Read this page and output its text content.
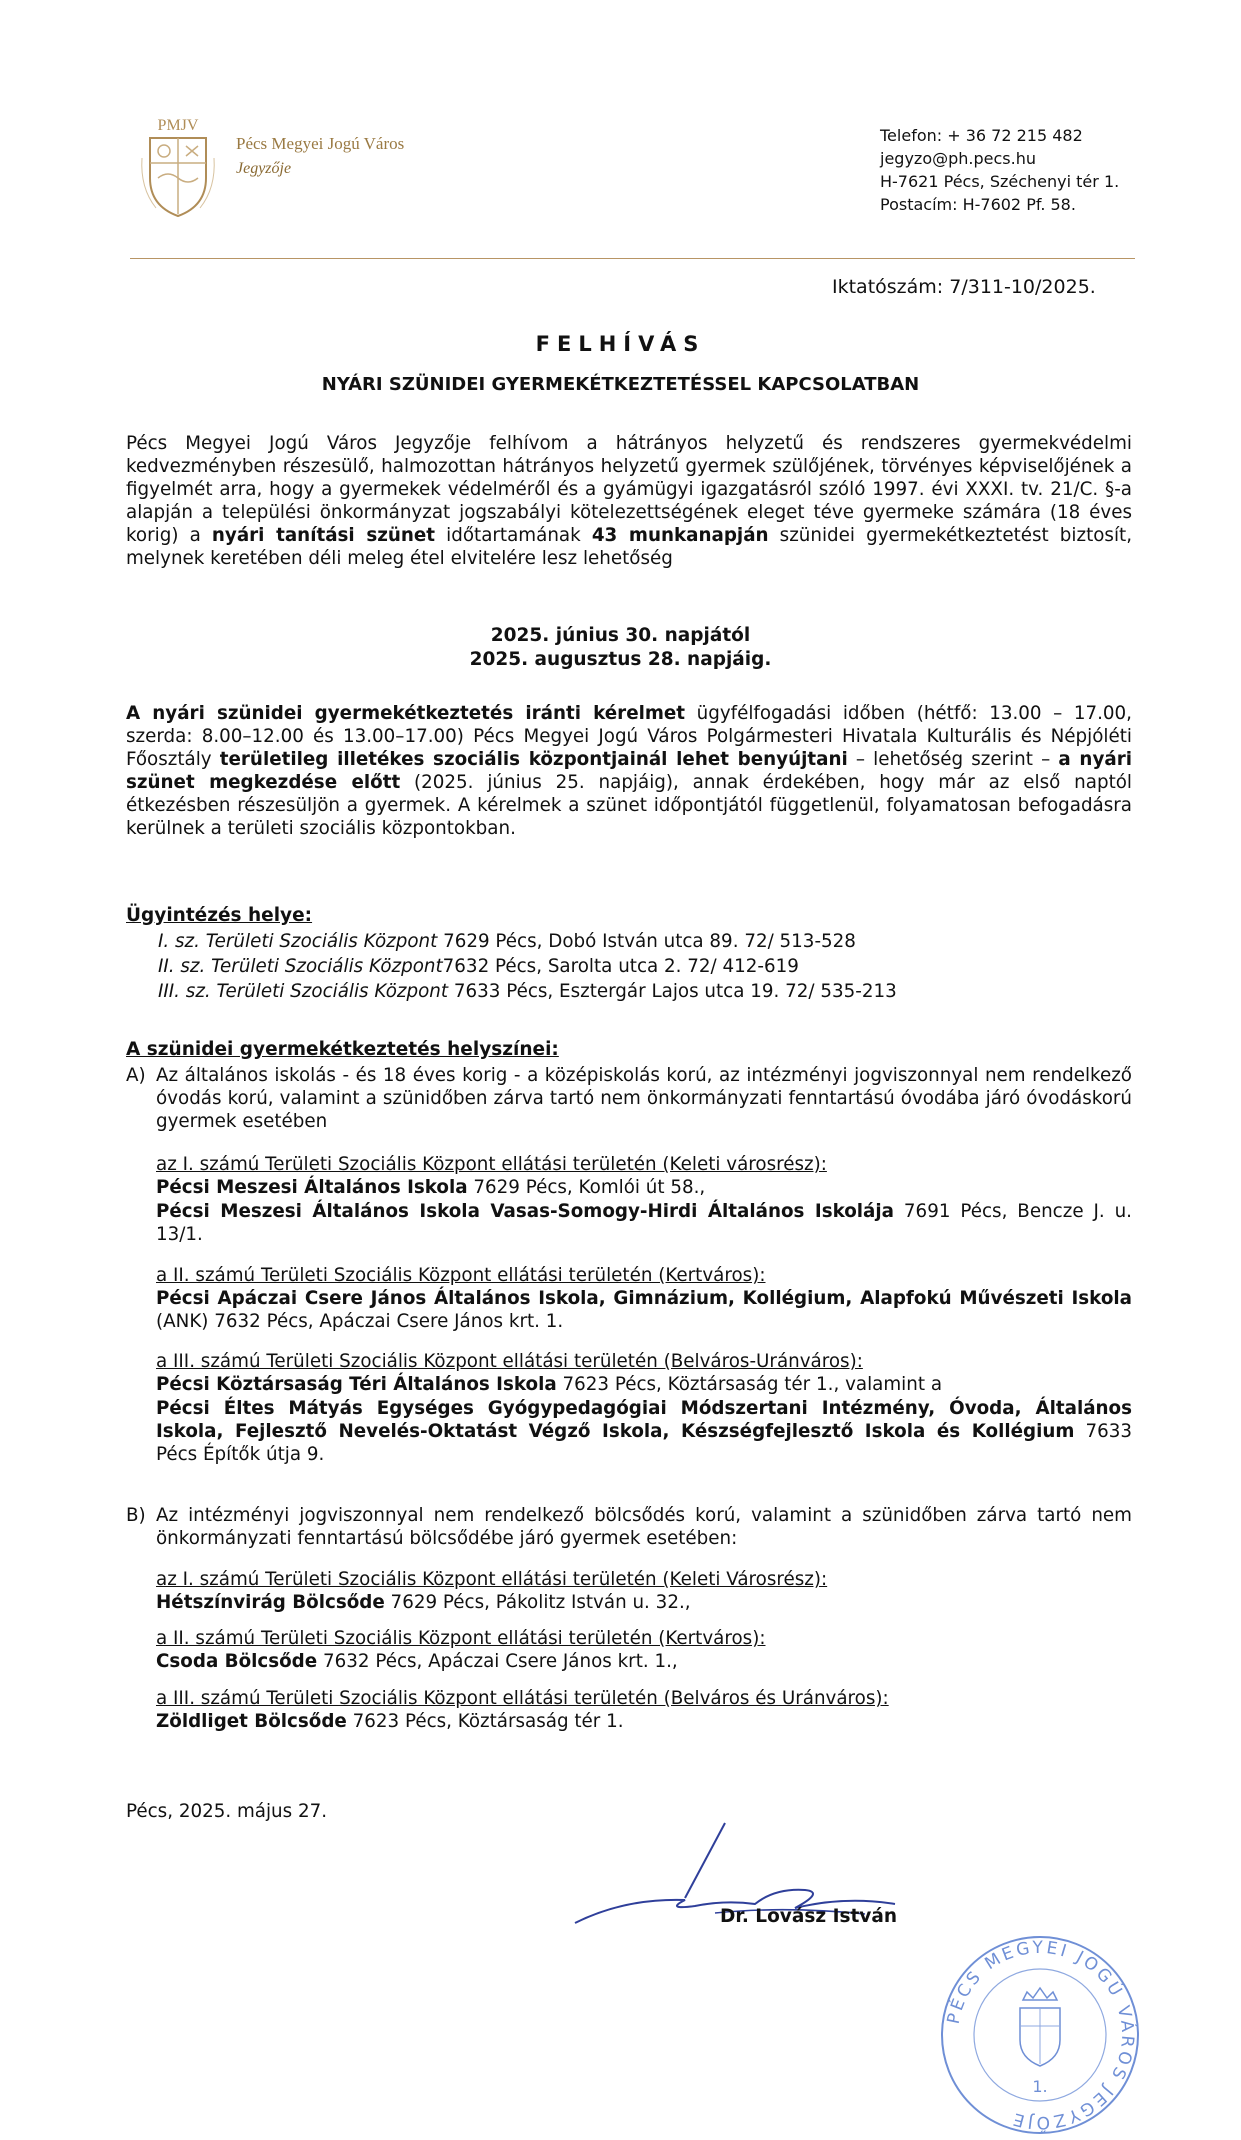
PMJV
Pécs Megyei Jogú Város
Jegyzője
Telefon: + 36 72 215 482
jegyzo@ph.pecs.hu
H-7621 Pécs, Széchenyi tér 1.
Postacím: H-7602 Pf. 58.
Iktatószám: 7/311-10/2025.
FELHÍVÁS
NYÁRI SZÜNIDEI GYERMEKÉTKEZTETÉSSEL KAPCSOLATBAN
Pécs Megyei Jogú Város Jegyzője felhívom a hátrányos helyzetű és rendszeres gyermekvédelmi kedvezményben részesülő, halmozottan hátrányos helyzetű gyermek szülőjének, törvényes képviselőjének a figyelmét arra, hogy a gyermekek védelméről és a gyámügyi igazgatásról szóló 1997. évi XXXI. tv. 21/C. §-a alapján a települési önkormányzat jogszabályi kötelezettségének eleget téve gyermeke számára (18 éves korig) a nyári tanítási szünet időtartamának 43 munkanapján szünidei gyermekétkeztetést biztosít, melynek keretében déli meleg étel elvitelére lesz lehetőség
2025. június 30. napjától
2025. augusztus 28. napjáig.
A nyári szünidei gyermekétkeztetés iránti kérelmet ügyfélfogadási időben (hétfő: 13.00 – 17.00, szerda: 8.00–12.00 és 13.00–17.00) Pécs Megyei Jogú Város Polgármesteri Hivatala Kulturális és Népjóléti Főosztály területileg illetékes szociális központjainál lehet benyújtani – lehetőség szerint – a nyári szünet megkezdése előtt (2025. június 25. napjáig), annak érdekében, hogy már az első naptól étkezésben részesüljön a gyermek. A kérelmek a szünet időpontjától függetlenül, folyamatosan befogadásra kerülnek a területi szociális központokban.
Ügyintézés helye:
I. sz. Területi Szociális Központ 7629 Pécs, Dobó István utca 89. 72/ 513-528
II. sz. Területi Szociális Központ7632 Pécs, Sarolta utca 2. 72/ 412-619
III. sz. Területi Szociális Központ 7633 Pécs, Esztergár Lajos utca 19. 72/ 535-213
A szünidei gyermekétkeztetés helyszínei:
A) Az általános iskolás - és 18 éves korig - a középiskolás korú, az intézményi jogviszonnyal nem rendelkező óvodás korú, valamint a szünidőben zárva tartó nem önkormányzati fenntartású óvodába járó óvodáskorú gyermek esetében
az I. számú Területi Szociális Központ ellátási területén (Keleti városrész):
Pécsi Meszesi Általános Iskola 7629 Pécs, Komlói út 58.,
Pécsi Meszesi Általános Iskola Vasas-Somogy-Hirdi Általános Iskolája 7691 Pécs, Bencze J. u. 13/1.
a II. számú Területi Szociális Központ ellátási területén (Kertváros):
Pécsi Apáczai Csere János Általános Iskola, Gimnázium, Kollégium, Alapfokú Művészeti Iskola (ANK) 7632 Pécs, Apáczai Csere János krt. 1.
a III. számú Területi Szociális Központ ellátási területén (Belváros-Uránváros):
Pécsi Köztársaság Téri Általános Iskola 7623 Pécs, Köztársaság tér 1., valamint a
Pécsi Éltes Mátyás Egységes Gyógypedagógiai Módszertani Intézmény, Óvoda, Általános Iskola, Fejlesztő Nevelés-Oktatást Végző Iskola, Készségfejlesztő Iskola és Kollégium 7633 Pécs Építők útja 9.
B) Az intézményi jogviszonnyal nem rendelkező bölcsődés korú, valamint a szünidőben zárva tartó nem önkormányzati fenntartású bölcsődébe járó gyermek esetében:
az I. számú Területi Szociális Központ ellátási területén (Keleti Városrész):
Hétszínvirág Bölcsőde 7629 Pécs, Pákolitz István u. 32.,
a II. számú Területi Szociális Központ ellátási területén (Kertváros):
Csoda Bölcsőde 7632 Pécs, Apáczai Csere János krt. 1.,
a III. számú Területi Szociális Központ ellátási területén (Belváros és Uránváros):
Zöldliget Bölcsőde 7623 Pécs, Köztársaság tér 1.
Pécs, 2025. május 27.
Dr. Lovász István
PÉCS MEGYEI JOGÚ VÁROS JEGYZŐJE
1.
